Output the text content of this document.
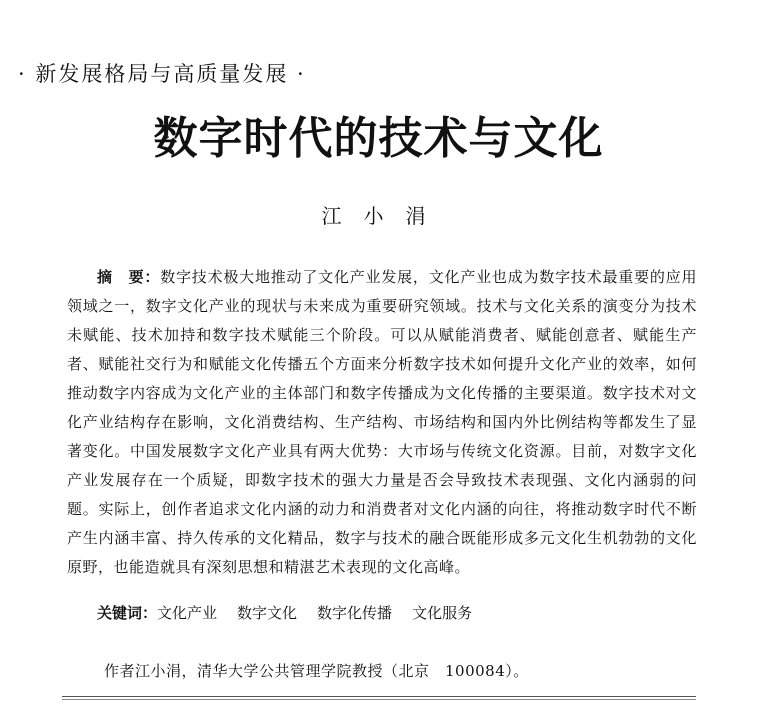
· 新发展格局与高质量发展 ·
数字时代的技术与文化
江小涓
摘　要：数字技术极大地推动了文化产业发展，文化产业也成为数字技术最重要的应用领域之一，数字文化产业的现状与未来成为重要研究领域。技术与文化关系的演变分为技术未赋能、技术加持和数字技术赋能三个阶段。可以从赋能消费者、赋能创意者、赋能生产者、赋能社交行为和赋能文化传播五个方面来分析数字技术如何提升文化产业的效率，如何推动数字内容成为文化产业的主体部门和数字传播成为文化传播的主要渠道。数字技术对文化产业结构存在影响，文化消费结构、生产结构、市场结构和国内外比例结构等都发生了显著变化。中国发展数字文化产业具有两大优势：大市场与传统文化资源。目前，对数字文化产业发展存在一个质疑，即数字技术的强大力量是否会导致技术表现强、文化内涵弱的问题。实际上，创作者追求文化内涵的动力和消费者对文化内涵的向往，将推动数字时代不断产生内涵丰富、持久传承的文化精品，数字与技术的融合既能形成多元文化生机勃勃的文化原野，也能造就具有深刻思想和精湛艺术表现的文化高峰。
关键词：文化产业 数字文化 数字化传播 文化服务
作者江小涓，清华大学公共管理学院教授（北京　100084）。
